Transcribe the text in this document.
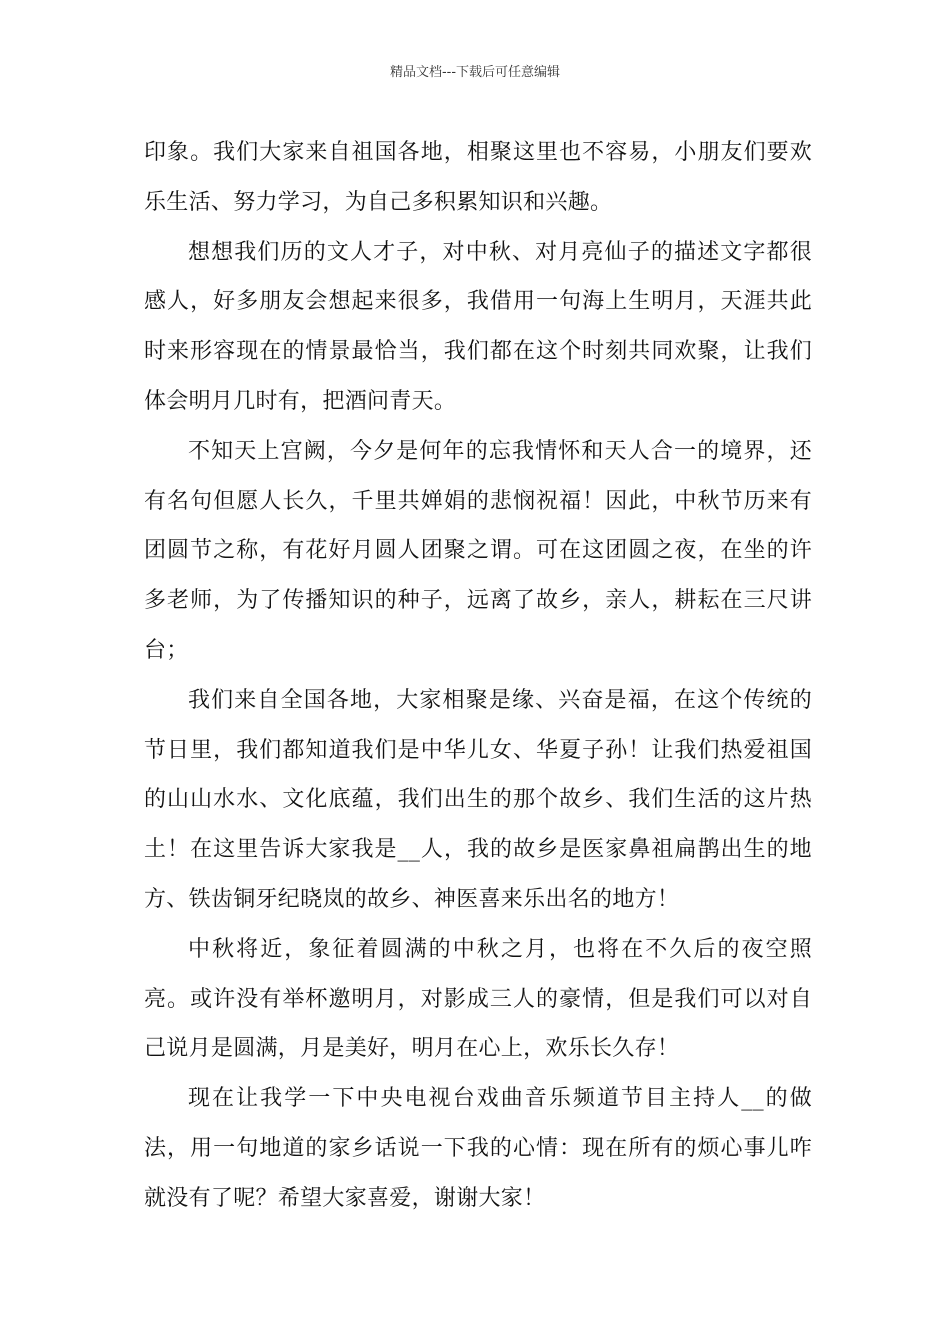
精品文档---下载后可任意编辑

印象。我们大家来自祖国各地，相聚这里也不容易，小朋友们要欢乐生活、努力学习，为自己多积累知识和兴趣。

想想我们历的文人才子，对中秋、对月亮仙子的描述文字都很感人，好多朋友会想起来很多，我借用一句海上生明月，天涯共此时来形容现在的情景最恰当，我们都在这个时刻共同欢聚，让我们体会明月几时有，把酒问青天。

不知天上宫阙，今夕是何年的忘我情怀和天人合一的境界，还有名句但愿人长久，千里共婵娟的悲悯祝福！因此，中秋节历来有团圆节之称，有花好月圆人团聚之谓。可在这团圆之夜，在坐的许多老师，为了传播知识的种子，远离了故乡，亲人，耕耘在三尺讲台；

我们来自全国各地，大家相聚是缘、兴奋是福，在这个传统的节日里，我们都知道我们是中华儿女、华夏子孙！让我们热爱祖国的山山水水、文化底蕴，我们出生的那个故乡、我们生活的这片热土！在这里告诉大家我是__人，我的故乡是医家鼻祖扁鹊出生的地方、铁齿铜牙纪晓岚的故乡、神医喜来乐出名的地方！

中秋将近，象征着圆满的中秋之月，也将在不久后的夜空照亮。或许没有举杯邀明月，对影成三人的豪情，但是我们可以对自己说月是圆满，月是美好，明月在心上，欢乐长久存！

现在让我学一下中央电视台戏曲音乐频道节目主持人__的做法，用一句地道的家乡话说一下我的心情：现在所有的烦心事儿咋就没有了呢？希望大家喜爱，谢谢大家！
